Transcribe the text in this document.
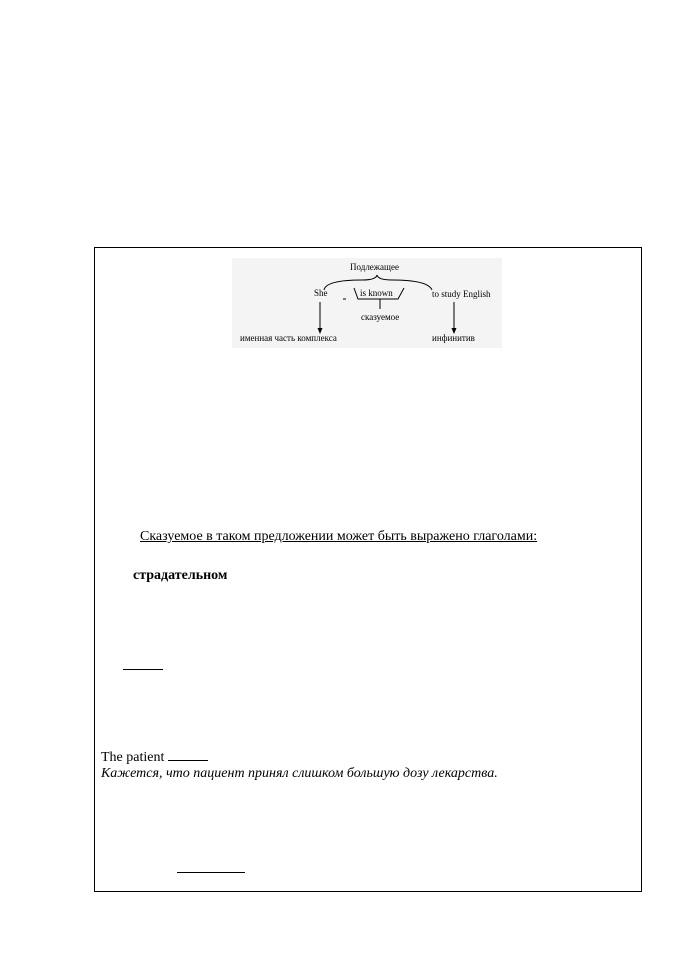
Подлежащее
She	is known	to study English
сказуемое
именная часть комплекса	инфинитив
Сказуемое в таком предложении может быть выражено глаголами:
страдательном
The patient
Кажется, что пациент принял слишком большую дозу лекарства.
